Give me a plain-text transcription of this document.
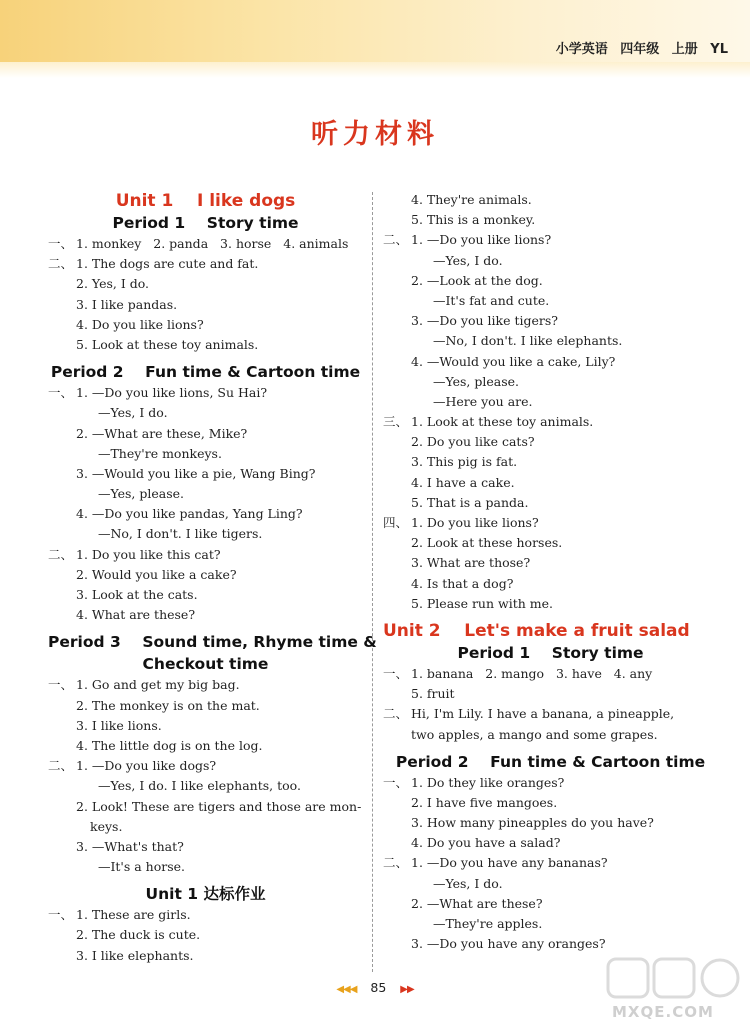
小学英语 四年级 上册 YL
听力材料
Unit 1    I like dogs
Period 1    Story time
一、 1. monkey   2. panda   3. horse   4. animals
二、 1. The dogs are cute and fat.
2. Yes, I do.
3. I like pandas.
4. Do you like lions?
5. Look at these toy animals.
Period 2    Fun time & Cartoon time
一、 1. —Do you like lions, Su Hai?
—Yes, I do.
2. —What are these, Mike?
—They're monkeys.
3. —Would you like a pie, Wang Bing?
—Yes, please.
4. —Do you like pandas, Yang Ling?
—No, I don't. I like tigers.
二、 1. Do you like this cat?
2. Would you like a cake?
3. Look at the cats.
4. What are these?
Period 3    Sound time, Rhyme time &
Checkout time
一、 1. Go and get my big bag.
2. The monkey is on the mat.
3. I like lions.
4. The little dog is on the log.
二、 1. —Do you like dogs?
—Yes, I do. I like elephants, too.
2. Look! These are tigers and those are mon-
keys.
3. —What's that?
—It's a horse.
Unit 1 达标作业
一、 1. These are girls.
2. The duck is cute.
3. I like elephants.
4. They're animals.
5. This is a monkey.
二、 1. —Do you like lions?
—Yes, I do.
2. —Look at the dog.
—It's fat and cute.
3. —Do you like tigers?
—No, I don't. I like elephants.
4. —Would you like a cake, Lily?
—Yes, please.
—Here you are.
三、 1. Look at these toy animals.
2. Do you like cats?
3. This pig is fat.
4. I have a cake.
5. That is a panda.
四、 1. Do you like lions?
2. Look at these horses.
3. What are those?
4. Is that a dog?
5. Please run with me.
Unit 2    Let's make a fruit salad
Period 1    Story time
一、 1. banana   2. mango   3. have   4. any
5. fruit
二、 Hi, I'm Lily. I have a banana, a pineapple,
two apples, a mango and some grapes.
Period 2    Fun time & Cartoon time
一、 1. Do they like oranges?
2. I have five mangoes.
3. How many pineapples do you have?
4. Do you have a salad?
二、 1. —Do you have any bananas?
—Yes, I do.
2. —What are these?
—They're apples.
3. —Do you have any oranges?
◀◀◀ 85 ▶▶
MXQE.COM
